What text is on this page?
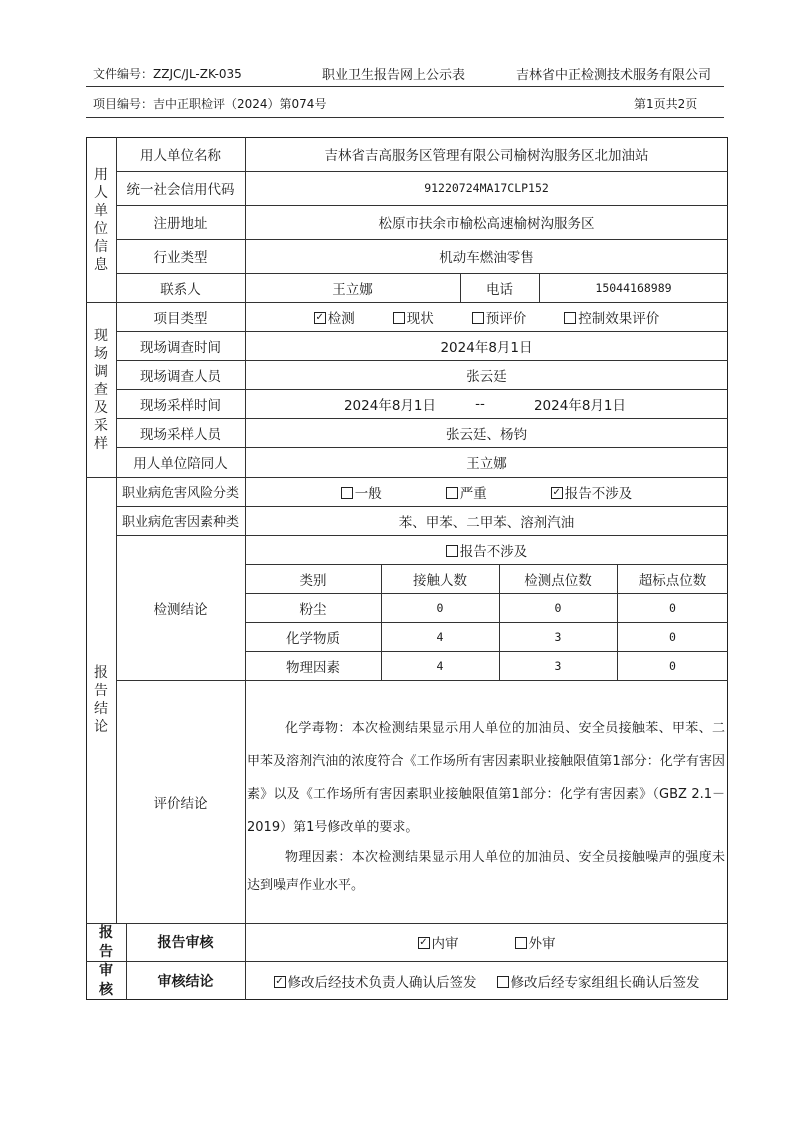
文件编号：ZZJC/JL-ZK-035	职业卫生报告网上公示表	吉林省中正检测技术服务有限公司
项目编号：吉中正职检评（2024）第074号	第1页共2页
用
人
单
位
信
息
用人单位名称	吉林省吉高服务区管理有限公司榆树沟服务区北加油站
统一社会信用代码	91220724MA17CLP152
注册地址	松原市扶余市榆松高速榆树沟服务区
行业类型	机动车燃油零售
联系人	王立娜	电话	15044168989
现
场
调
查
及
采
样
项目类型	✓ 检测	现状	预评价	控制效果评价
现场调查时间	2024年8月1日
现场调查人员	张云廷
现场采样时间	2024年8月1日	--	2024年8月1日
现场采样人员	张云廷、杨钧
用人单位陪同人	王立娜
报
告
结
论
职业病危害风险分类	一般	严重	✓ 报告不涉及
职业病危害因素种类	苯、甲苯、二甲苯、溶剂汽油
检测结论
报告不涉及
类别	接触人数	检测点位数	超标点位数
粉尘	0	0	0
化学物质	4	3	0
物理因素	4	3	0
评价结论

化学毒物：本次检测结果显示用人单位的加油员、安全员接触苯、甲苯、二甲苯及溶剂汽油的浓度符合《工作场所有害因素职业接触限值第1部分：化学有害因素》以及《工作场所有害因素职业接触限值第1部分：化学有害因素》（GBZ 2.1－2019）第1号修改单的要求。

物理因素：本次检测结果显示用人单位的加油员、安全员接触噪声的强度未达到噪声作业水平。

报
告
审
核
报告审核	✓ 内审	外审
审核结论	✓ 修改后经技术负责人确认后签发	修改后经专家组组长确认后签发
